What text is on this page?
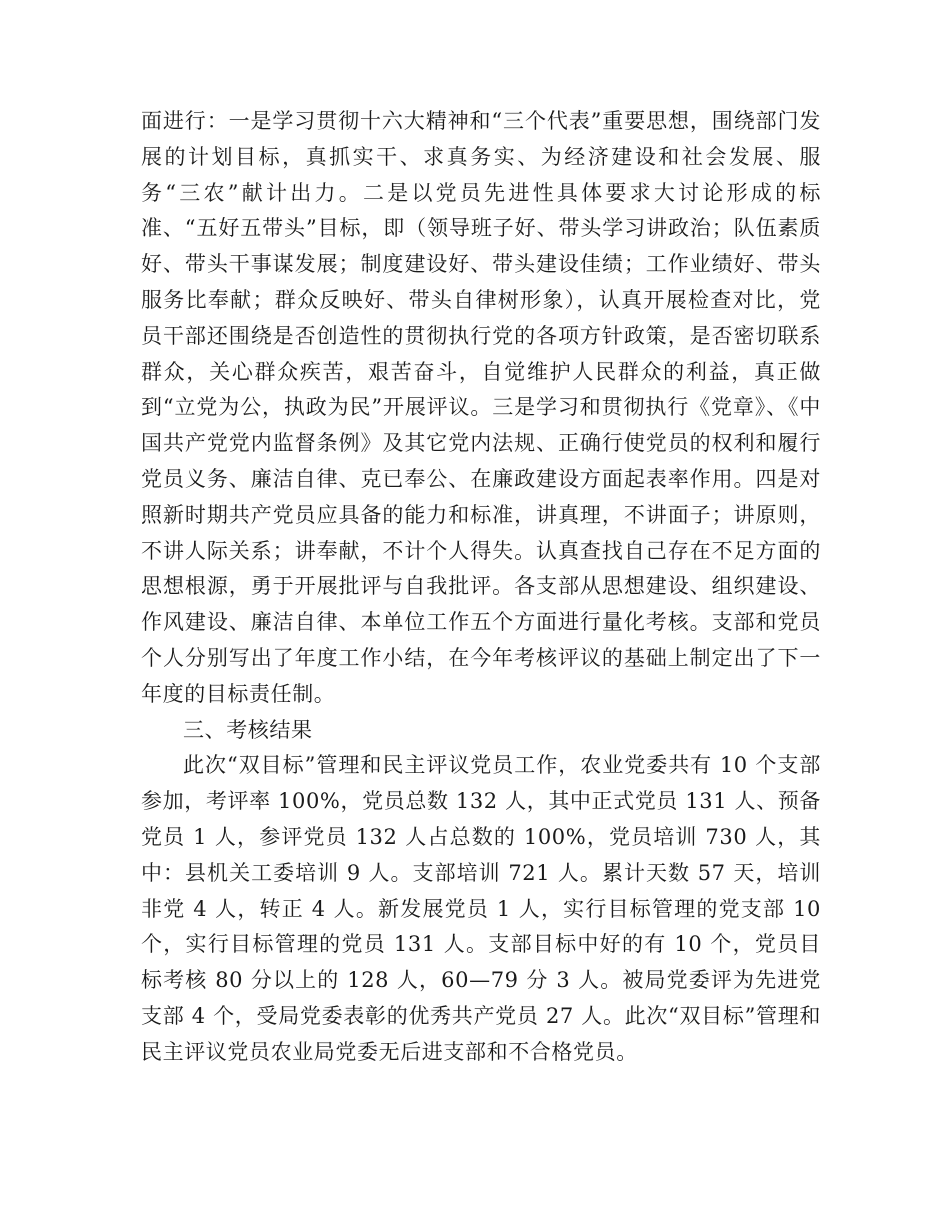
面进行：一是学习贯彻十六大精神和“三个代表”重要思想，围绕部门发展的计划目标，真抓实干、求真务实、为经济建设和社会发展、服务“三农”献计出力。二是以党员先进性具体要求大讨论形成的标准、“五好五带头”目标，即（领导班子好、带头学习讲政治；队伍素质好、带头干事谋发展；制度建设好、带头建设佳绩；工作业绩好、带头服务比奉献；群众反映好、带头自律树形象），认真开展检查对比，党员干部还围绕是否创造性的贯彻执行党的各项方针政策，是否密切联系群众，关心群众疾苦，艰苦奋斗，自觉维护人民群众的利益，真正做到“立党为公，执政为民”开展评议。三是学习和贯彻执行《党章》、《中国共产党党内监督条例》及其它党内法规、正确行使党员的权利和履行党员义务、廉洁自律、克已奉公、在廉政建设方面起表率作用。四是对照新时期共产党员应具备的能力和标准，讲真理，不讲面子；讲原则，不讲人际关系；讲奉献，不计个人得失。认真查找自己存在不足方面的思想根源，勇于开展批评与自我批评。各支部从思想建设、组织建设、作风建设、廉洁自律、本单位工作五个方面进行量化考核。支部和党员个人分别写出了年度工作小结，在今年考核评议的基础上制定出了下一年度的目标责任制。

三、考核结果

此次“双目标”管理和民主评议党员工作，农业党委共有 10 个支部参加，考评率 100%，党员总数 132 人，其中正式党员 131 人、预备党员 1 人，参评党员 132 人占总数的 100%，党员培训 730 人，其中：县机关工委培训 9 人。支部培训 721 人。累计天数 57 天，培训非党 4 人，转正 4 人。新发展党员 1 人，实行目标管理的党支部 10 个，实行目标管理的党员 131 人。支部目标中好的有 10 个，党员目标考核 80 分以上的 128 人，60—79 分 3 人。被局党委评为先进党支部 4 个，受局党委表彰的优秀共产党员 27 人。此次“双目标”管理和民主评议党员农业局党委无后进支部和不合格党员。
